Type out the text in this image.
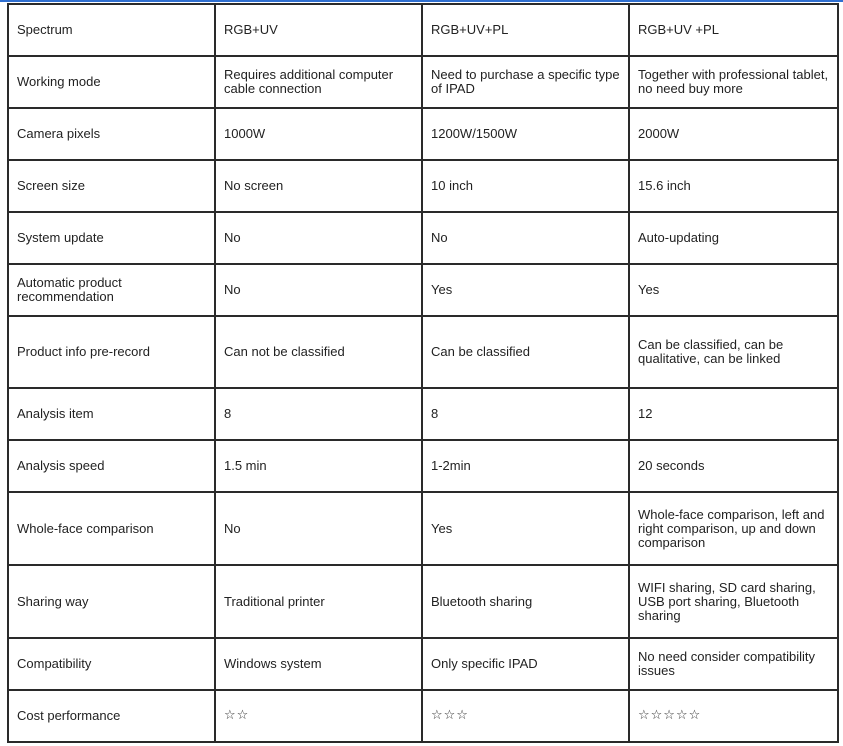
Spectrum	RGB+UV	RGB+UV+PL	RGB+UV +PL
Working mode	Requires additional computer cable connection	Need to purchase a specific type of IPAD	Together with professional tablet, no need buy more
Camera pixels	1000W	1200W/1500W	2000W
Screen size	No screen	10 inch	15.6 inch
System update	No	No	Auto-updating
Automatic product recommendation	No	Yes	Yes
Product info pre-record	Can not be classified	Can be classified	Can be classified, can be qualitative, can be linked
Analysis item	8	8	12
Analysis speed	1.5 min	1-2min	20 seconds
Whole-face comparison	No	Yes	Whole-face comparison, left and right comparison, up and down comparison
Sharing way	Traditional printer	Bluetooth sharing	WIFI sharing, SD card sharing, USB port sharing, Bluetooth sharing
Compatibility	Windows system	Only specific IPAD	No need consider compatibility issues
Cost performance	☆☆	☆☆☆	☆☆☆☆☆
